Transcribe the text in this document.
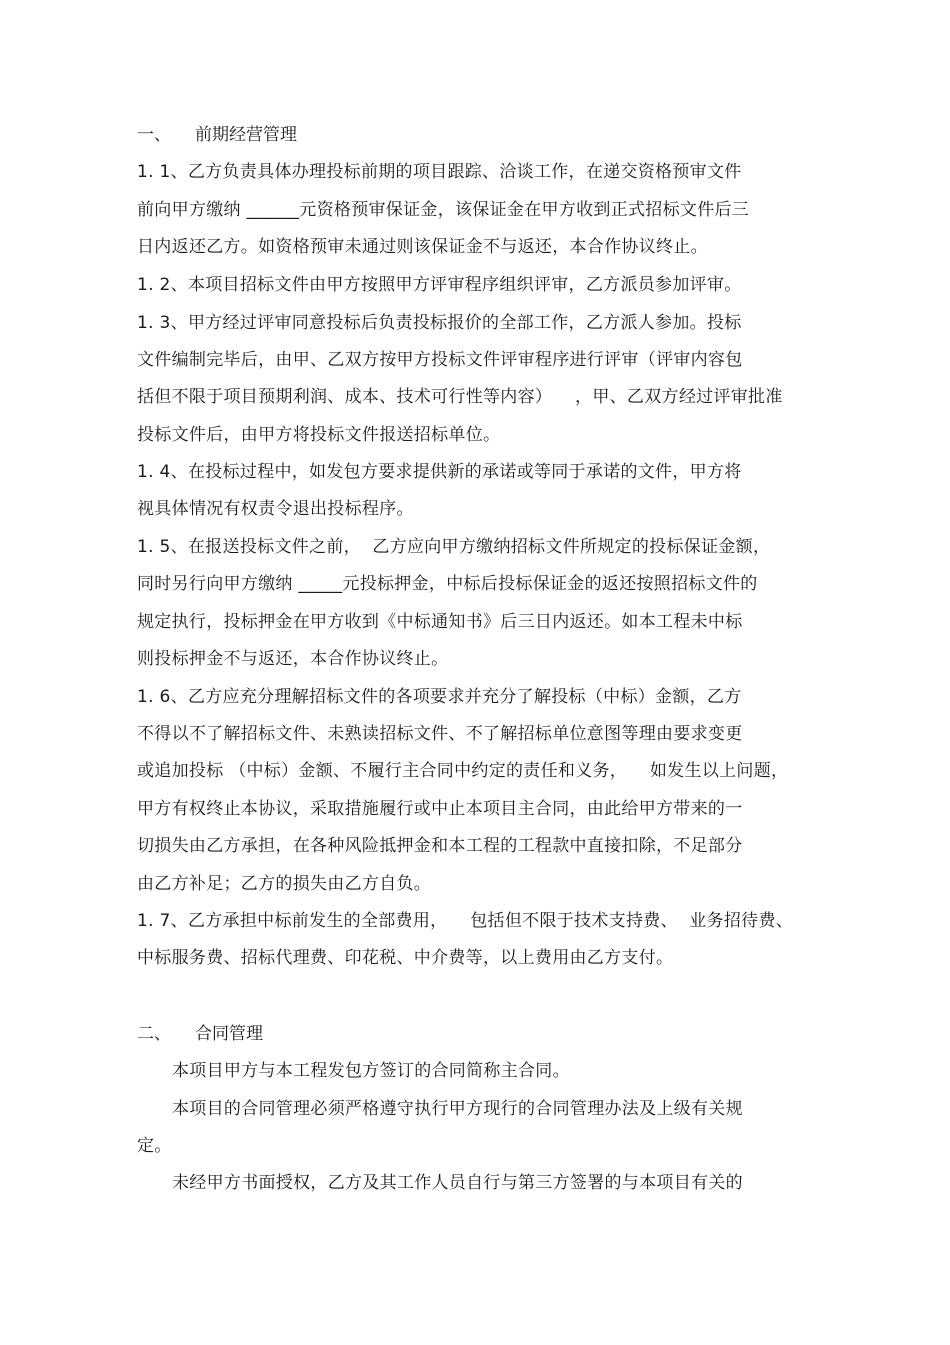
一、 前期经营管理
1. 1、乙方负责具体办理投标前期的项目跟踪、洽谈工作，在递交资格预审文件
前向甲方缴纳 ______元资格预审保证金，该保证金在甲方收到正式招标文件后三
日内返还乙方。如资格预审未通过则该保证金不与返还，本合作协议终止。
1. 2、本项目招标文件由甲方按照甲方评审程序组织评审，乙方派员参加评审。
1. 3、甲方经过评审同意投标后负责投标报价的全部工作，乙方派人参加。投标
文件编制完毕后，由甲、乙双方按甲方投标文件评审程序进行评审（评审内容包
括但不限于项目预期利润、成本、技术可行性等内容）    ，甲、乙双方经过评审批准
投标文件后，由甲方将投标文件报送招标单位。
1. 4、在投标过程中，如发包方要求提供新的承诺或等同于承诺的文件，甲方将
视具体情况有权责令退出投标程序。
1. 5、在报送投标文件之前，  乙方应向甲方缴纳招标文件所规定的投标保证金额，
同时另行向甲方缴纳 _____元投标押金，中标后投标保证金的返还按照招标文件的
规定执行，投标押金在甲方收到《中标通知书》后三日内返还。如本工程未中标
则投标押金不与返还，本合作协议终止。
1. 6、乙方应充分理解招标文件的各项要求并充分了解投标（中标）金额，乙方
不得以不了解招标文件、未熟读招标文件、不了解招标单位意图等理由要求变更
或追加投标 （中标）金额、不履行主合同中约定的责任和义务，    如发生以上问题，
甲方有权终止本协议，采取措施履行或中止本项目主合同，由此给甲方带来的一
切损失由乙方承担，在各种风险抵押金和本工程的工程款中直接扣除，不足部分
由乙方补足；乙方的损失由乙方自负。
1. 7、乙方承担中标前发生的全部费用，    包括但不限于技术支持费、  业务招待费、
中标服务费、招标代理费、印花税、中介费等，以上费用由乙方支付。
二、 合同管理
本项目甲方与本工程发包方签订的合同简称主合同。
本项目的合同管理必须严格遵守执行甲方现行的合同管理办法及上级有关规
定。
未经甲方书面授权，乙方及其工作人员自行与第三方签署的与本项目有关的
